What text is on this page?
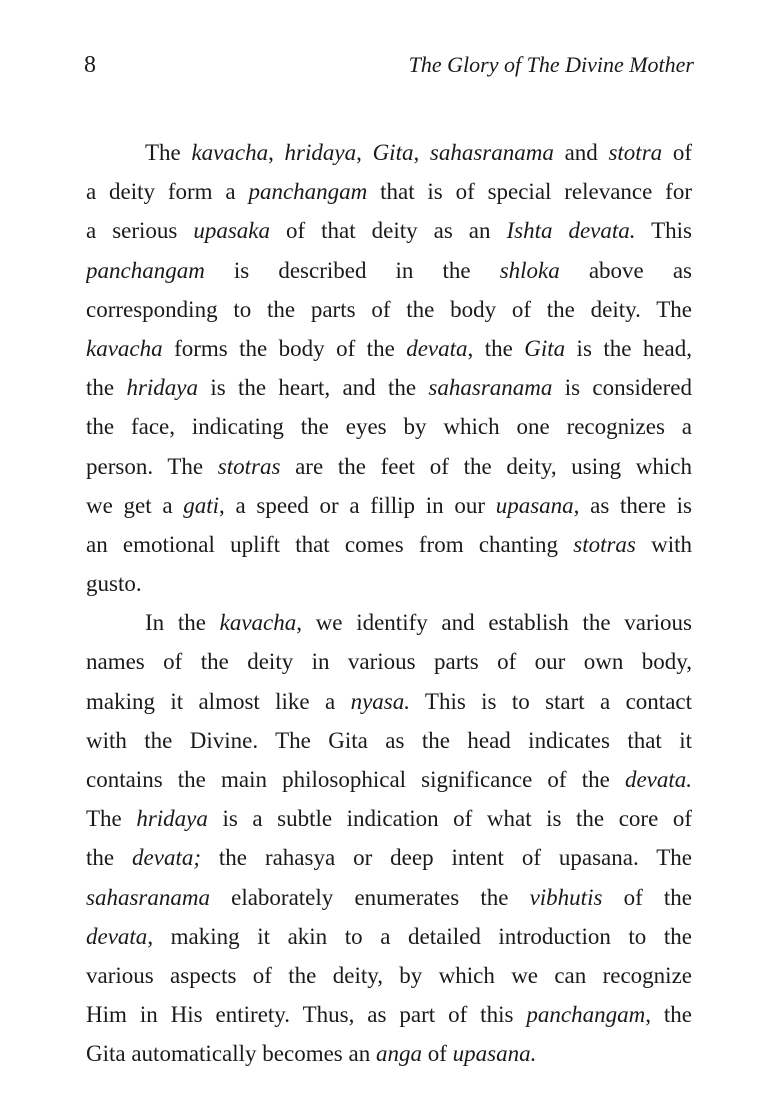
8	The Glory of The Divine Mother
The kavacha, hridaya, Gita, sahasranama and stotra of
a deity form a panchangam that is of special relevance for
a serious upasaka of that deity as an Ishta devata. This
panchangam is described in the shloka above as
corresponding to the parts of the body of the deity. The
kavacha forms the body of the devata, the Gita is the head,
the hridaya is the heart, and the sahasranama is considered
the face, indicating the eyes by which one recognizes a
person. The stotras are the feet of the deity, using which
we get a gati, a speed or a fillip in our upasana, as there is
an emotional uplift that comes from chanting stotras with
gusto.
In the kavacha, we identify and establish the various
names of the deity in various parts of our own body,
making it almost like a nyasa. This is to start a contact
with the Divine. The Gita as the head indicates that it
contains the main philosophical significance of the devata.
The hridaya is a subtle indication of what is the core of
the devata; the rahasya or deep intent of upasana. The
sahasranama elaborately enumerates the vibhutis of the
devata, making it akin to a detailed introduction to the
various aspects of the deity, by which we can recognize
Him in His entirety. Thus, as part of this panchangam, the
Gita automatically becomes an anga of upasana.
